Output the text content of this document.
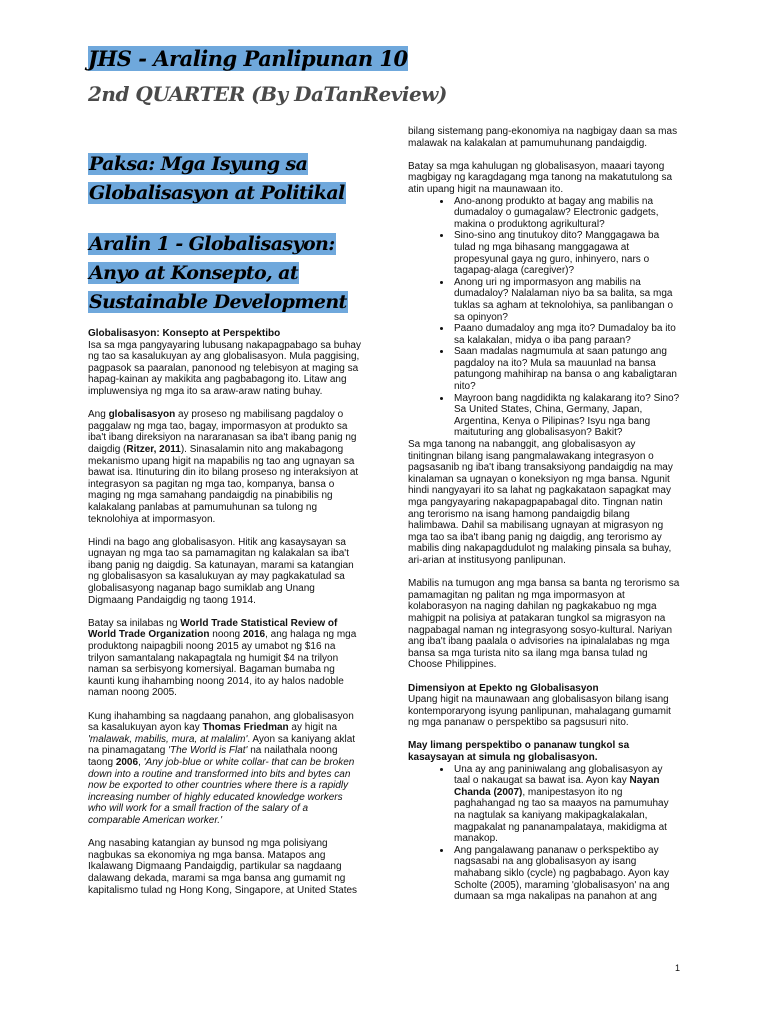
JHS - Araling Panlipunan 10
2nd QUARTER (By DaTanReview)
Paksa: Mga Isyung sa Globalisasyon at Politikal
Aralin 1 - Globalisasyon: Anyo at Konsepto, at Sustainable Development

Globalisasyon: Konsepto at Perspektibo

Isa sa mga pangyayaring lubusang nakapagpabago sa buhay ng tao sa kasalukuyan ay ang globalisasyon. Mula paggising, pagpasok sa paaralan, panonood ng telebisyon at maging sa hapag-kainan ay makikita ang pagbabagong ito. Litaw ang impluwensiya ng mga ito sa araw-araw nating buhay.

Ang globalisasyon ay proseso ng mabilisang pagdaloy o paggalaw ng mga tao, bagay, impormasyon at produkto sa iba't ibang direksiyon na nararanasan sa iba't ibang panig ng daigdig (Ritzer, 2011). Sinasalamin nito ang makabagong mekanismo upang higit na mapabilis ng tao ang ugnayan sa bawat isa. Itinuturing din ito bilang proseso ng interaksiyon at integrasyon sa pagitan ng mga tao, kompanya, bansa o maging ng mga samahang pandaigdig na pinabibilis ng kalakalang panlabas at pamumuhunan sa tulong ng teknolohiya at impormasyon.

Hindi na bago ang globalisasyon. Hitik ang kasaysayan sa ugnayan ng mga tao sa pamamagitan ng kalakalan sa iba't ibang panig ng daigdig. Sa katunayan, marami sa katangian ng globalisasyon sa kasalukuyan ay may pagkakatulad sa globalisasyong naganap bago sumiklab ang Unang Digmaang Pandaigdig ng taong 1914.

Batay sa inilabas ng World Trade Statistical Review of World Trade Organization noong 2016, ang halaga ng mga produktong naipagbili noong 2015 ay umabot ng $16 na trilyon samantalang nakapagtala ng humigit $4 na trilyon naman sa serbisyong komersiyal. Bagaman bumaba ng kaunti kung ihahambing noong 2014, ito ay halos nadoble naman noong 2005.

Kung ihahambing sa nagdaang panahon, ang globalisasyon sa kasalukuyan ayon kay Thomas Friedman ay higit na 'malawak, mabilis, mura, at malalim'. Ayon sa kaniyang aklat na pinamagatang 'The World is Flat' na nailathala noong taong 2006, 'Any job-blue or white collar- that can be broken down into a routine and transformed into bits and bytes can now be exported to other countries where there is a rapidly increasing number of highly educated knowledge workers who will work for a small fraction of the salary of a comparable American worker.'

Ang nasabing katangian ay bunsod ng mga polisiyang nagbukas sa ekonomiya ng mga bansa. Matapos ang Ikalawang Digmaang Pandaigdig, partikular sa nagdaang dalawang dekada, marami sa mga bansa ang gumamit ng kapitalismo tulad ng Hong Kong, Singapore, at United States

bilang sistemang pang-ekonomiya na nagbigay daan sa mas malawak na kalakalan at pamumuhunang pandaigdig.

Batay sa mga kahulugan ng globalisasyon, maaari tayong magbigay ng karagdagang mga tanong na makatutulong sa atin upang higit na maunawaan ito.

• Ano-anong produkto at bagay ang mabilis na dumadaloy o gumagalaw? Electronic gadgets, makina o produktong agrikultural?
• Sino-sino ang tinutukoy dito? Manggagawa ba tulad ng mga bihasang manggagawa at propesyunal gaya ng guro, inhinyero, nars o tagapag-alaga (caregiver)?
• Anong uri ng impormasyon ang mabilis na dumadaloy? Nalalaman niyo ba sa balita, sa mga tuklas sa agham at teknolohiya, sa panlibangan o sa opinyon?
• Paano dumadaloy ang mga ito? Dumadaloy ba ito sa kalakalan, midya o iba pang paraan?
• Saan madalas nagmumula at saan patungo ang pagdaloy na ito? Mula sa mauunlad na bansa patungong mahihirap na bansa o ang kabaligtaran nito?
• Mayroon bang nagdidikta ng kalakarang ito? Sino? Sa United States, China, Germany, Japan, Argentina, Kenya o Pilipinas? Isyu nga bang maituturing ang globalisasyon? Bakit?

Sa mga tanong na nabanggit, ang globalisasyon ay tinitingnan bilang isang pangmalawakang integrasyon o pagsasanib ng iba't ibang transaksiyong pandaigdig na may kinalaman sa ugnayan o koneksiyon ng mga bansa. Ngunit hindi nangyayari ito sa lahat ng pagkakataon sapagkat may mga pangyayaring nakapagpapabagal dito. Tingnan natin ang terorismo na isang hamong pandaigdig bilang halimbawa. Dahil sa mabilisang ugnayan at migrasyon ng mga tao sa iba't ibang panig ng daigdig, ang terorismo ay mabilis ding nakapagdudulot ng malaking pinsala sa buhay, ari-arian at institusyong panlipunan.

Mabilis na tumugon ang mga bansa sa banta ng terorismo sa pamamagitan ng palitan ng mga impormasyon at kolaborasyon na naging dahilan ng pagkakabuo ng mga mahigpit na polisiya at patakaran tungkol sa migrasyon na nagpabagal naman ng integrasyong sosyo-kultural. Nariyan ang iba't ibang paalala o advisories na ipinalalabas ng mga bansa sa mga turista nito sa ilang mga bansa tulad ng Choose Philippines.

Dimensiyon at Epekto ng Globalisasyon

Upang higit na maunawaan ang globalisasyon bilang isang kontemporaryong isyung panlipunan, mahalagang gumamit ng mga pananaw o perspektibo sa pagsusuri nito.

May limang perspektibo o pananaw tungkol sa kasaysayan at simula ng globalisasyon.

• Una ay ang paniniwalang ang globalisasyon ay taal o nakaugat sa bawat isa. Ayon kay Nayan Chanda (2007), manipestasyon ito ng paghahangad ng tao sa maayos na pamumuhay na nagtulak sa kaniyang makipagkalakalan, magpakalat ng pananampalataya, makidigma at manakop.
• Ang pangalawang pananaw o perkspektibo ay nagsasabi na ang globalisasyon ay isang mahabang siklo (cycle) ng pagbabago. Ayon kay Scholte (2005), maraming 'globalisasyon' na ang dumaan sa mga nakalipas na panahon at ang
1
